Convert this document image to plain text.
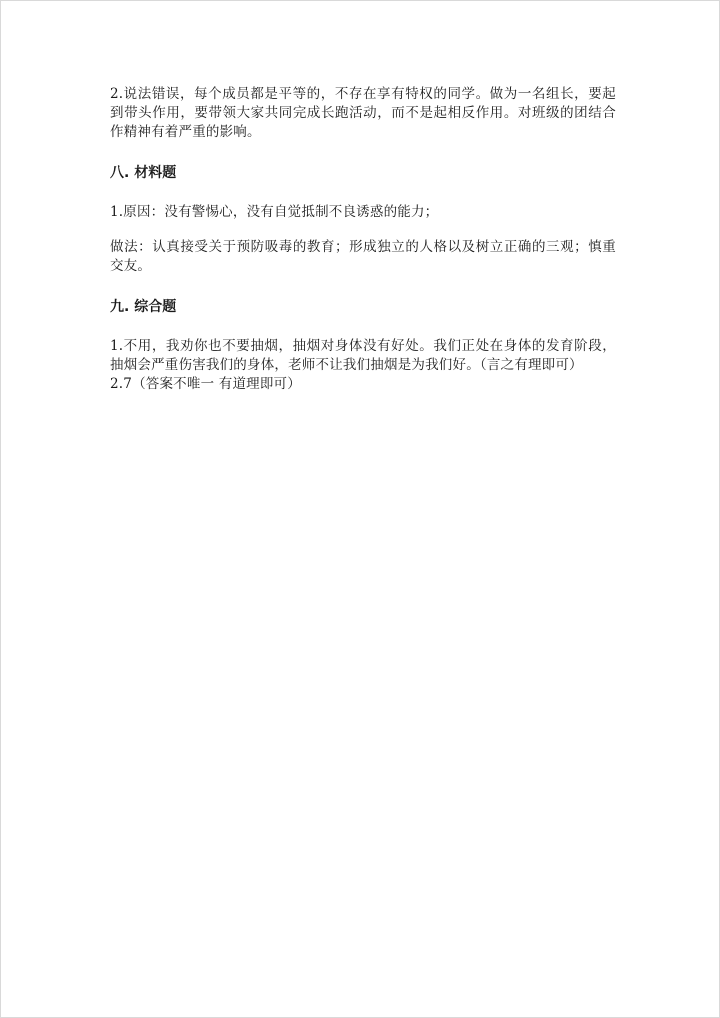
2.说法错误，每个成员都是平等的，不存在享有特权的同学。做为一名组长，要起到带头作用，要带领大家共同完成长跑活动，而不是起相反作用。对班级的团结合作精神有着严重的影响。

八. 材料题

1.原因：没有警惕心，没有自觉抵制不良诱惑的能力；

做法：认真接受关于预防吸毒的教育；形成独立的人格以及树立正确的三观；慎重交友。

九. 综合题

1.不用，我劝你也不要抽烟，抽烟对身体没有好处。我们正处在身体的发育阶段，抽烟会严重伤害我们的身体，老师不让我们抽烟是为我们好。（言之有理即可）

2.7（答案不唯一 有道理即可）
